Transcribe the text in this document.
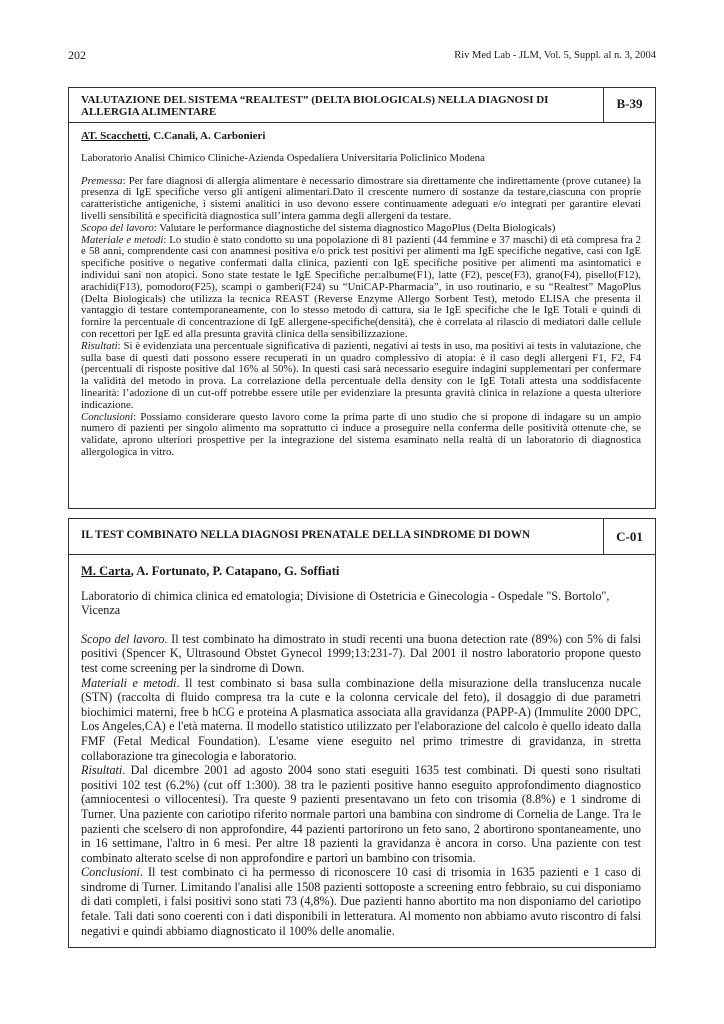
202	Riv Med Lab - JLM, Vol. 5, Suppl. al n. 3, 2004
VALUTAZIONE DEL SISTEMA “REALTEST” (DELTA BIOLOGICALS) NELLA DIAGNOSI DI ALLERGIA ALIMENTARE
B-39

AT. Scacchetti, C.Canali, A. Carbonieri

Laboratorio Analisi Chimico Cliniche-Azienda Ospedaliera Universitaria Policlinico Modena

Premessa: Per fare diagnosi di allergia alimentare è necessario dimostrare sia direttamente che indirettamente (prove cutanee) la presenza di IgE specifiche verso gli antigeni alimentari.Dato il crescente numero di sostanze da testare,ciascuna con proprie caratteristiche antigeniche, i sistemi analitici in uso devono essere continuamente adeguati e/o integrati per garantire elevati livelli sensibilità e specificità diagnostica sull’intera gamma degli allergeni da testare.

Scopo del lavoro: Valutare le performance diagnostiche del sistema diagnostico MagoPlus (Delta Biologicals)

Materiale e metodi: Lo studio è stato condotto su una popolazione di 81 pazienti (44 femmine e 37 maschi) di età compresa fra 2 e 58 anni, comprendente casi con anamnesi positiva e/o prick test positivi per alimenti ma IgE specifiche negative, casi con IgE specifiche positive o negative confermati dalla clinica, pazienti con IgE specifiche positive per alimenti ma asintomatici e individui sani non atopici. Sono state testate le IgE Specifiche per:albume(F1), latte (F2), pesce(F3), grano(F4), pisello(F12), arachidi(F13), pomodoro(F25), scampi o gamberi(F24) su “UniCAP-Pharmacia”, in uso routinario, e su “Realtest” MagoPlus (Delta Biologicals) che utilizza la tecnica REAST (Reverse Enzyme Allergo Sorbent Test), metodo ELISA che presenta il vantaggio di testare contemporaneamente, con lo stesso metodo di cattura, sia le IgE specifiche che le IgE Totali e quindi di fornire la percentuale di concentrazione di IgE allergene-specifiche(densità), che è correlata al rilascio di mediatori dalle cellule con recettori per IgE ed alla presunta gravità clinica della sensibilizzazione.

Risultati: Si è evidenziata una percentuale significativa di pazienti, negativi ai tests in uso, ma positivi ai tests in valutazione, che sulla base di questi dati possono essere recuperati in un quadro complessivo di atopia: è il caso degli allergeni F1, F2, F4 (percentuali di risposte positive dal 16% al 50%). In questi casi sarà necessario eseguire indagini supplementari per confermare la validità del metodo in prova. La correlazione della percentuale della density con le IgE Totali attesta una soddisfacente linearità: l’adozione di un cut-off potrebbe essere utile per evidenziare la presunta gravità clinica in relazione a questa ulteriore indicazione.

Conclusioni: Possiamo considerare questo lavoro come la prima parte di uno studio che si propone di indagare su un ampio numero di pazienti per singolo alimento ma soprattutto ci induce a proseguire nella conferma delle positività ottenute che, se validate, aprono ulteriori prospettive per la integrazione del sistema esaminato nella realtà di un laboratorio di diagnostica allergologica in vitro.

IL TEST COMBINATO NELLA DIAGNOSI PRENATALE DELLA SINDROME DI DOWN	C-01

M. Carta, A. Fortunato, P. Catapano, G. Soffiati

Laboratorio di chimica clinica ed ematologia; Divisione di Ostetricia e Ginecologia - Ospedale "S. Bortolo", Vicenza

Scopo del lavoro. Il test combinato ha dimostrato in studi recenti una buona detection rate (89%) con 5% di falsi positivi (Spencer K, Ultrasound Obstet Gynecol 1999;13:231-7). Dal 2001 il nostro laboratorio propone questo test come screening per la sindrome di Down.

Materiali e metodi. Il test combinato si basa sulla combinazione della misurazione della translucenza nucale (STN) (raccolta di fluido compresa tra la cute e la colonna cervicale del feto), il dosaggio di due parametri biochimici materni, free b hCG e proteina A plasmatica associata alla gravidanza (PAPP-A) (Immulite 2000 DPC, Los Angeles,CA) e l'età materna. Il modello statistico utilizzato per l'elaborazione del calcolo è quello ideato dalla FMF (Fetal Medical Foundation). L'esame viene eseguito nel primo trimestre di gravidanza, in stretta collaborazione tra ginecologia e laboratorio.

Risultati. Dal dicembre 2001 ad agosto 2004 sono stati eseguiti 1635 test combinati. Di questi sono risultati positivi 102 test (6.2%) (cut off 1:300). 38 tra le pazienti positive hanno eseguito approfondimento diagnostico (amniocentesi o villocentesi). Tra queste 9 pazienti presentavano un feto con trisomia (8.8%) e 1 sindrome di Turner. Una paziente con cariotipo riferito normale partorì una bambina con sindrome di Cornelia de Lange. Tra le pazienti che scelsero di non approfondire, 44 pazienti partorirono un feto sano, 2 abortirono spontaneamente, uno in 16 settimane, l'altro in 6 mesi. Per altre 18 pazienti la gravidanza è ancora in corso. Una paziente con test combinato alterato scelse di non approfondire e partorì un bambino con trisomia.

Conclusioni. Il test combinato ci ha permesso di riconoscere 10 casi di trisomia in 1635 pazienti e 1 caso di sindrome di Turner. Limitando l'analisi alle 1508 pazienti sottoposte a screening entro febbraio, su cui disponiamo di dati completi, i falsi positivi sono stati 73 (4,8%). Due pazienti hanno abortito ma non disponiamo del cariotipo fetale. Tali dati sono coerenti con i dati disponibili in letteratura. Al momento non abbiamo avuto riscontro di falsi negativi e quindi abbiamo diagnosticato il 100% delle anomalie.
